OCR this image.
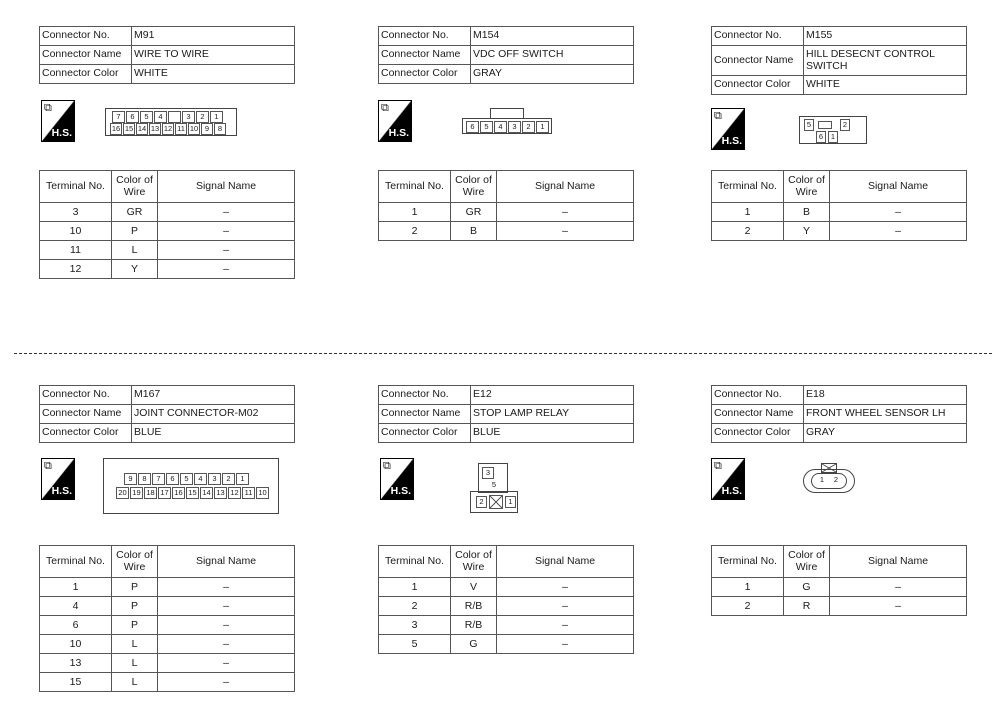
Connector No.	M91
Connector Name	WIRE TO WIRE
Connector Color	WHITE
⧉
H.S.
7	6	5	4	3	2	1
16 15 14 13 12 11 10 9	8
Terminal No.	Color of Wire	Signal Name
3	GR	–
10	P	–
11	L	–
12	Y	–
Connector No.	M154
Connector Name	VDC OFF SWITCH
Connector Color	GRAY
⧉
H.S.
6	5	4	3	2	1
Terminal No.	Color of Wire	Signal Name
1	GR	–
2	B	–
Connector No.	M155
Connector Name	HILL DESECNT CONTROL SWITCH
Connector Color	WHITE
⧉
H.S.
5	2
6	1
Terminal No.	Color of Wire	Signal Name
1	B	–
2	Y	–
Connector No.	M167
Connector Name	JOINT CONNECTOR-M02
Connector Color	BLUE
⧉
H.S.
9	8	7	6	5	4	3	2	1
20 19 18 17 16 15 14 13 12 11 10
Terminal No.	Color of Wire	Signal Name
1	P	–
4	P	–
6	P	–
10	L	–
13	L	–
15	L	–
Connector No.	E12
Connector Name	STOP LAMP RELAY
Connector Color	BLUE
⧉
H.S.
3
5
2	1
Terminal No.	Color of Wire	Signal Name
1	V	–
2	R/B	–
3	R/B	–
5	G	–
Connector No.	E18
Connector Name	FRONT WHEEL SENSOR LH
Connector Color	GRAY
⧉
H.S.
1	2
Terminal No.	Color of Wire	Signal Name
1	G	–
2	R	–
